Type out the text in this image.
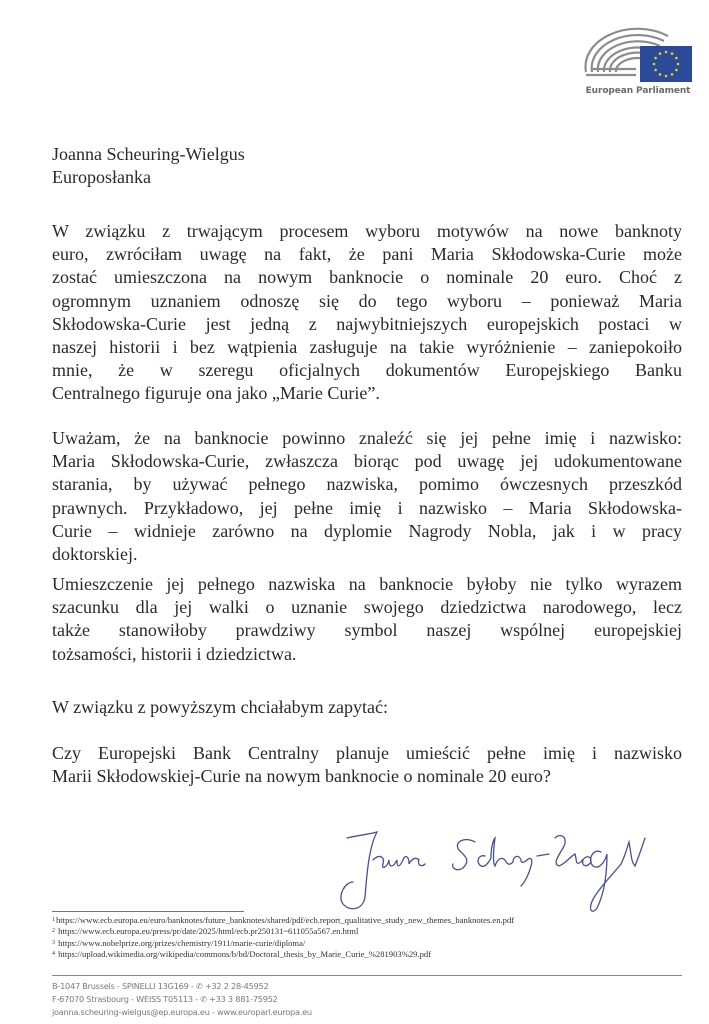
European Parliament
Joanna Scheuring-Wielgus
Europosłanka
W związku z trwającym procesem wyboru motywów na nowe banknoty
euro, zwróciłam uwagę na fakt, że pani Maria Skłodowska-Curie może
zostać umieszczona na nowym banknocie o nominale 20 euro. Choć z
ogromnym uznaniem odnoszę się do tego wyboru – ponieważ Maria
Skłodowska-Curie jest jedną z najwybitniejszych europejskich postaci w
naszej historii i bez wątpienia zasługuje na takie wyróżnienie – zaniepokoiło
mnie, że w szeregu oficjalnych dokumentów Europejskiego Banku
Centralnego figuruje ona jako „Marie Curie”.
Uważam, że na banknocie powinno znaleźć się jej pełne imię i nazwisko:
Maria Skłodowska-Curie, zwłaszcza biorąc pod uwagę jej udokumentowane
starania, by używać pełnego nazwiska, pomimo ówczesnych przeszkód
prawnych. Przykładowo, jej pełne imię i nazwisko – Maria Skłodowska-
Curie – widnieje zarówno na dyplomie Nagrody Nobla, jak i w pracy
doktorskiej.
Umieszczenie jej pełnego nazwiska na banknocie byłoby nie tylko wyrazem
szacunku dla jej walki o uznanie swojego dziedzictwa narodowego, lecz
także stanowiłoby prawdziwy symbol naszej wspólnej europejskiej
tożsamości, historii i dziedzictwa.
W związku z powyższym chciałabym zapytać:
Czy Europejski Bank Centralny planuje umieścić pełne imię i nazwisko
Marii Skłodowskiej-Curie na nowym banknocie o nominale 20 euro?
$^1$https://www.ecb.europa.eu/euro/banknotes/future_banknotes/shared/pdf/ecb.report_qualitative_study_new_themes_banknotes.en.pdf
$^2$ https://www.ecb.europa.eu/press/pr/date/2025/html/ecb.pr250131~611055a567.en.html
$^3$ https://www.nobelprize.org/prizes/chemistry/1911/marie-curie/diploma/
$^4$ https://upload.wikimedia.org/wikipedia/commons/b/bd/Doctoral_thesis_by_Marie_Curie_%281903%29.pdf
B-1047 Brussels - SPINELLI 13G169 - ✆ +32 2 28-45952
F-67070 Strasbourg - WEISS T05113 - ✆ +33 3 881-75952
joanna.scheuring-wielgus@ep.europa.eu - www.europarl.europa.eu
